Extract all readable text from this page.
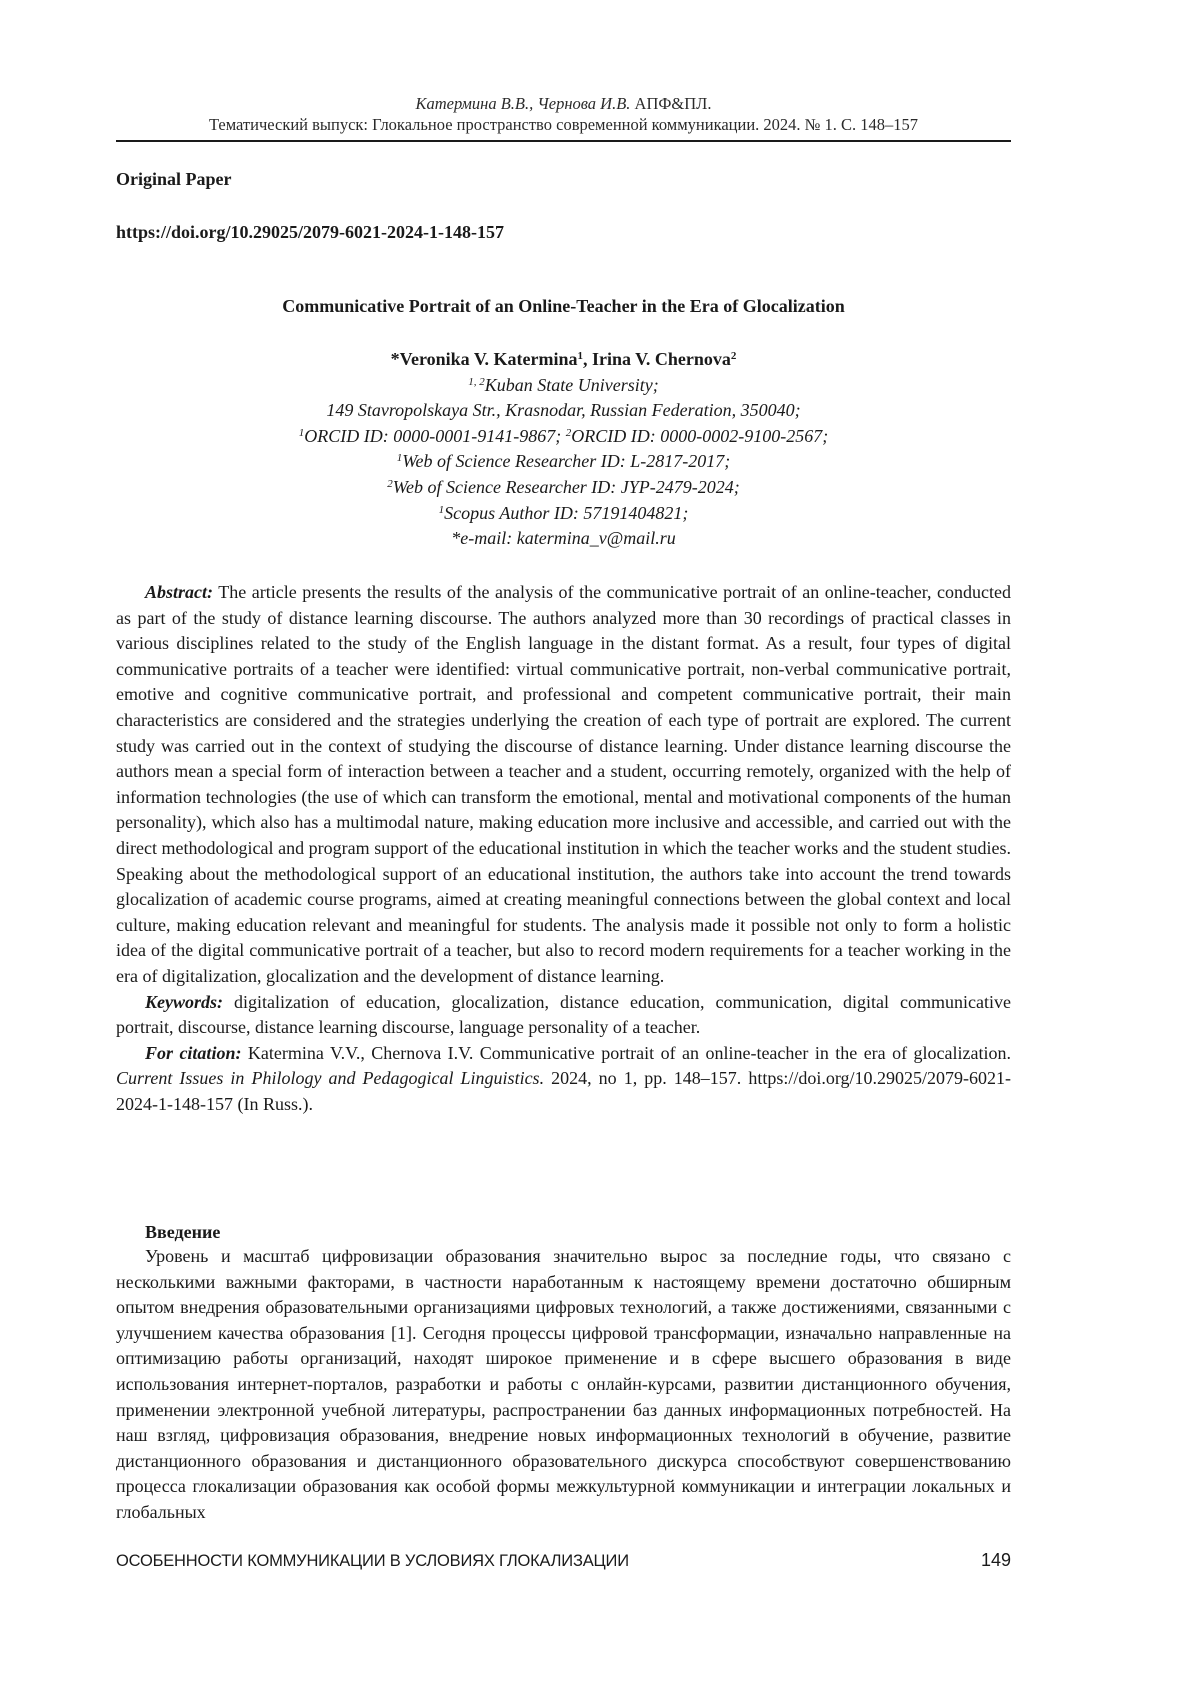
Катермина В.В., Чернова И.В. АПФ&ПЛ.
Тематический выпуск: Глокальное пространство современной коммуникации. 2024. № 1. С. 148–157
Original Paper
https://doi.org/10.29025/2079-6021-2024-1-148-157
Communicative Portrait of an Online-Teacher in the Era of Glocalization
*Veronika V. Katermina$^1$, Irina V. Chernova$^2$
$^{1, 2}$Kuban State University;
149 Stavropolskaya Str., Krasnodar, Russian Federation, 350040;
$^1$ORCID ID: 0000-0001-9141-9867; $^2$ORCID ID: 0000-0002-9100-2567;
$^1$Web of Science Researcher ID: L-2817-2017;
$^2$Web of Science Researcher ID: JYP-2479-2024;
$^1$Scopus Author ID: 57191404821;
*e-mail: katermina_v@mail.ru

Abstract: The article presents the results of the analysis of the communicative portrait of an online-teacher, conducted as part of the study of distance learning discourse. The authors analyzed more than 30 recordings of practical classes in various disciplines related to the study of the English language in the distant format. As a result, four types of digital communicative portraits of a teacher were identified: virtual communicative portrait, non-verbal communicative portrait, emotive and cognitive communicative portrait, and professional and competent communicative portrait, their main characteristics are considered and the strategies underlying the creation of each type of portrait are explored. The current study was carried out in the context of studying the discourse of distance learning. Under distance learning discourse the authors mean a special form of interaction between a teacher and a student, occurring remotely, organized with the help of information technologies (the use of which can transform the emotional, mental and motivational components of the human personality), which also has a multimodal nature, making education more inclusive and accessible, and carried out with the direct methodological and program support of the educational institution in which the teacher works and the student studies. Speaking about the methodological support of an educational institution, the authors take into account the trend towards glocalization of academic course programs, aimed at creating meaningful connections between the global context and local culture, making education relevant and meaningful for students. The analysis made it possible not only to form a holistic idea of the digital communicative portrait of a teacher, but also to record modern requirements for a teacher working in the era of digitalization, glocalization and the development of distance learning.

Keywords: digitalization of education, glocalization, distance education, communication, digital communicative portrait, discourse, distance learning discourse, language personality of a teacher.

For citation: Katermina V.V., Chernova I.V. Communicative portrait of an online-teacher in the era of glocalization. Current Issues in Philology and Pedagogical Linguistics. 2024, no 1, pp. 148–157. https://doi.org/10.29025/2079-6021-2024-1-148-157 (In Russ.).

Введение

Уровень и масштаб цифровизации образования значительно вырос за последние годы, что связано с несколькими важными факторами, в частности наработанным к настоящему времени достаточно обширным опытом внедрения образовательными организациями цифровых технологий, а также достижениями, связанными с улучшением качества образования [1]. Сегодня процессы цифровой трансформации, изначально направленные на оптимизацию работы организаций, находят широкое применение и в сфере высшего образования в виде использования интернет-порталов, разработки и работы с онлайн-курсами, развитии дистанционного обучения, применении электронной учебной литературы, распространении баз данных информационных потребностей. На наш взгляд, цифровизация образования, внедрение новых информационных технологий в обучение, развитие дистанционного образования и дистанционного образовательного дискурса способствуют совершенствованию процесса глокализации образования как особой формы межкультурной коммуникации и интеграции локальных и глобальных

ОСОБЕННОСТИ КОММУНИКАЦИИ В УСЛОВИЯХ ГЛОКАЛИЗАЦИИ	149
